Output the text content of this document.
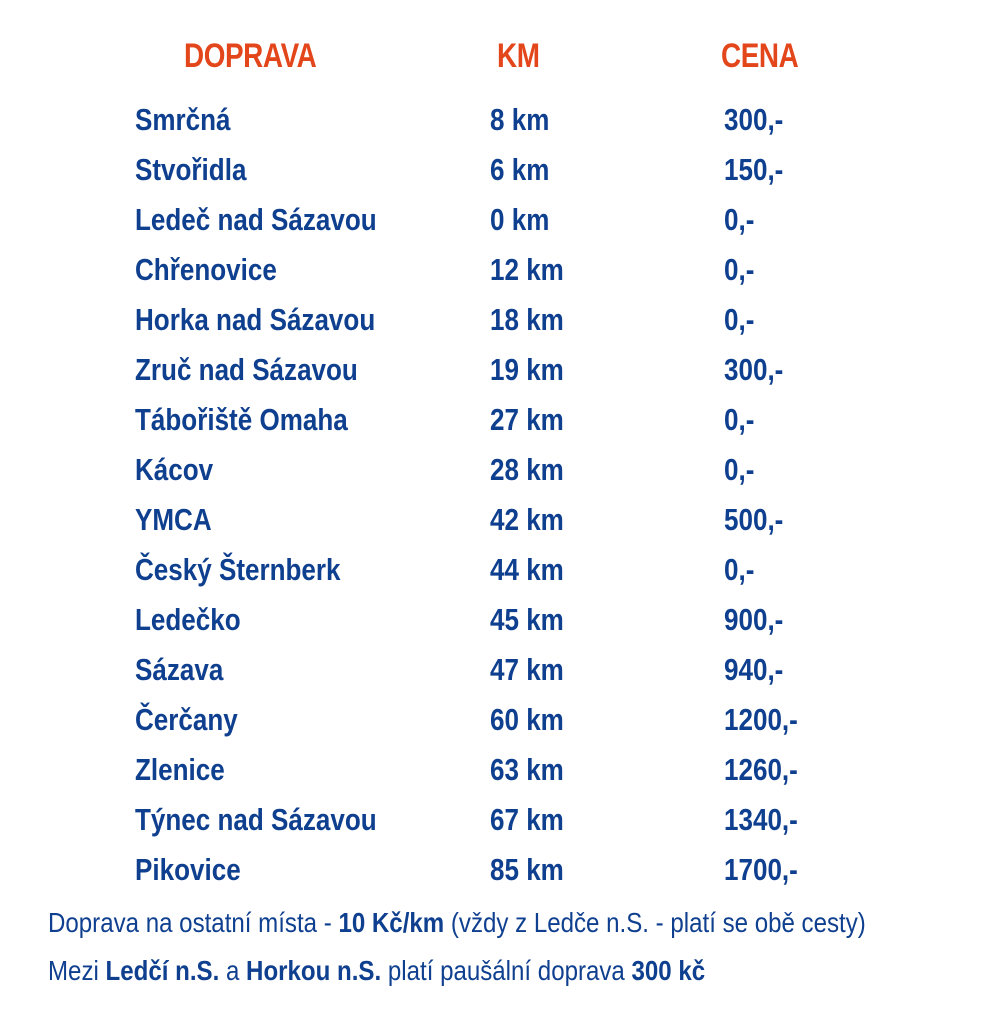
DOPRAVA	KM	CENA
Smrčná	8 km	300,-
Stvořidla	6 km	150,-
Ledeč nad Sázavou	0 km	0,-
Chřenovice	12 km	0,-
Horka nad Sázavou	18 km	0,-
Zruč nad Sázavou	19 km	300,-
Tábořiště Omaha	27 km	0,-
Kácov	28 km	0,-
YMCA	42 km	500,-
Český Šternberk	44 km	0,-
Ledečko	45 km	900,-
Sázava	47 km	940,-
Čerčany	60 km	1200,-
Zlenice	63 km	1260,-
Týnec nad Sázavou	67 km	1340,-
Pikovice	85 km	1700,-
Doprava na ostatní místa - 10 Kč/km (vždy z Ledče n.S. - platí se obě cesty)
Mezi Ledčí n.S. a Horkou n.S. platí paušální doprava 300 kč
